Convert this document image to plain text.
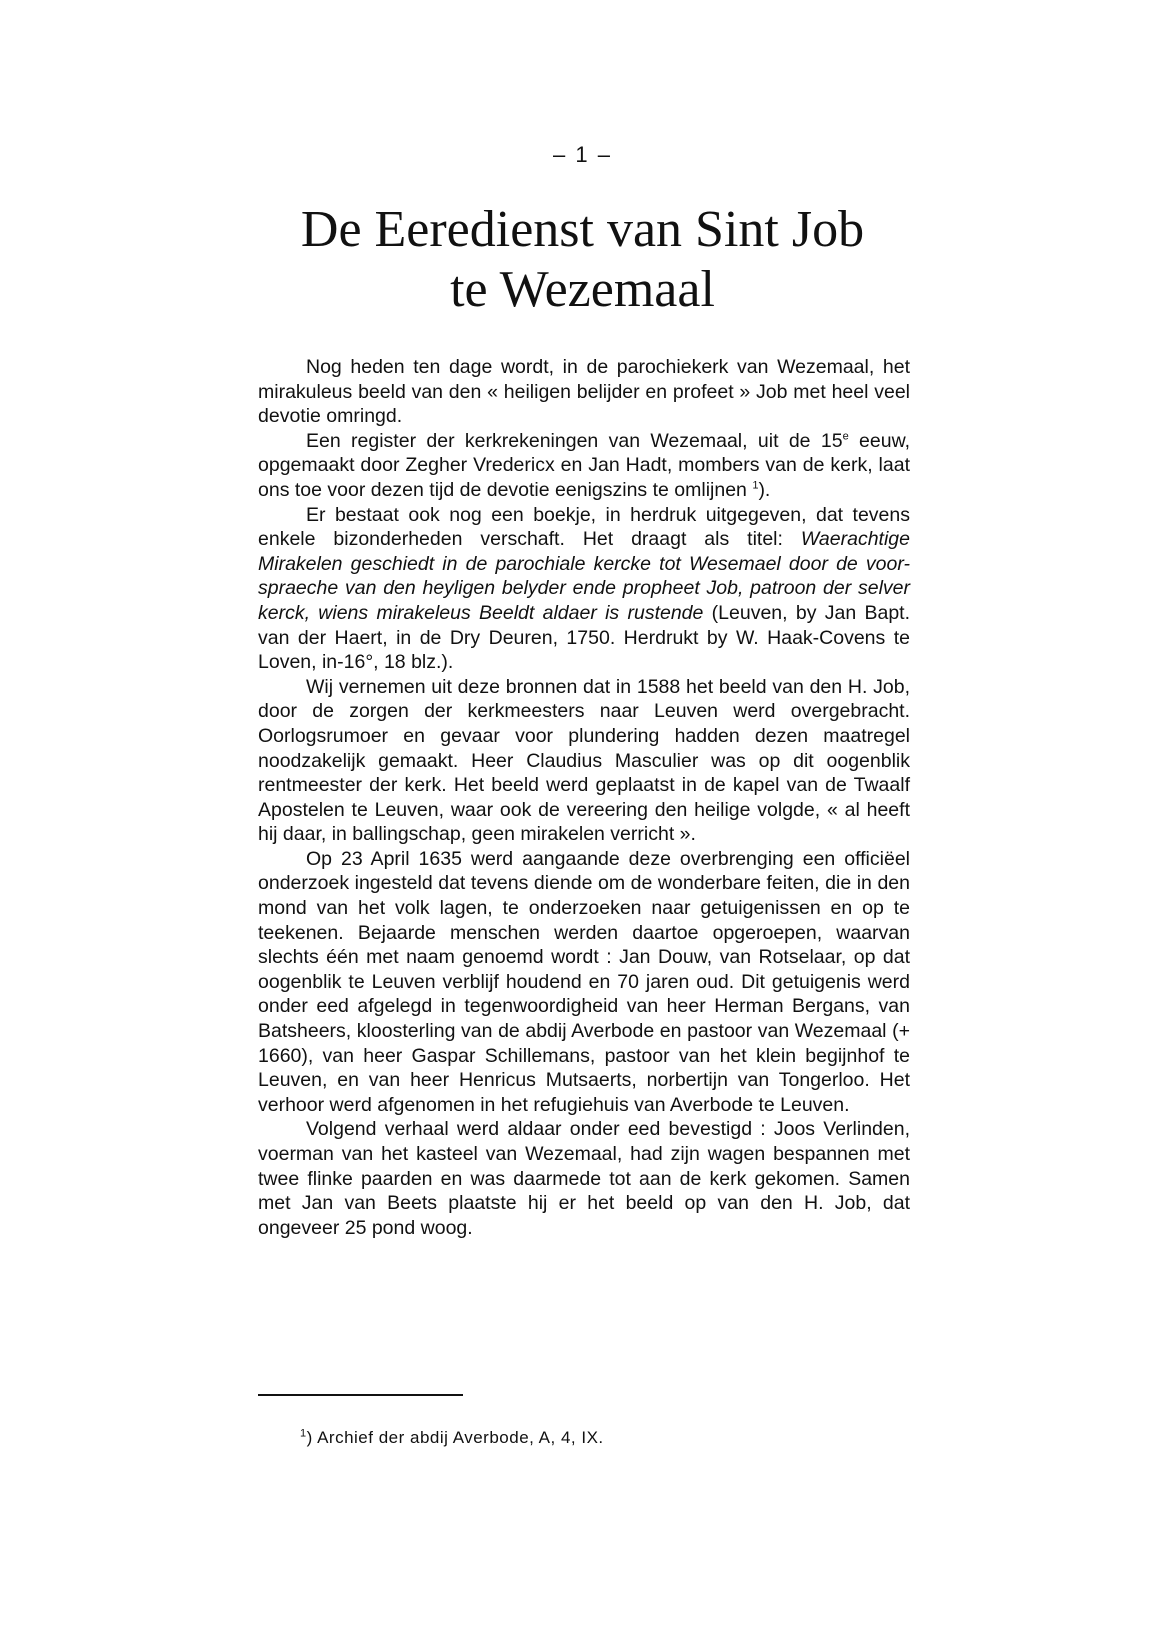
– 1 –
De Eeredienst van Sint Job
te Wezemaal

Nog heden ten dage wordt, in de parochiekerk van Wezemaal, het mirakuleus beeld van den « heiligen belijder en profeet » Job met heel veel devotie omringd.

Een register der kerkrekeningen van Wezemaal, uit de 15e eeuw, opgemaakt door Zegher Vredericx en Jan Hadt, mombers van de kerk, laat ons toe voor dezen tijd de devotie eenigszins te omlijnen $^1$).

Er bestaat ook nog een boekje, in herdruk uitgegeven, dat tevens enkele bizonderheden verschaft. Het draagt als titel: Waerachtige Mirakelen geschiedt in de parochiale kercke tot Wesemael door de voor-spraeche van den heyligen belyder ende propheet Job, patroon der selver kerck, wiens mirakeleus Beeldt aldaer is rustende (Leuven, by Jan Bapt. van der Haert, in de Dry Deuren, 1750. Herdrukt by W. Haak-Covens te Loven, in-16°, 18 blz.).

Wij vernemen uit deze bronnen dat in 1588 het beeld van den H. Job, door de zorgen der kerkmeesters naar Leuven werd overgebracht. Oorlogsrumoer en gevaar voor plundering hadden dezen maatregel noodzakelijk gemaakt. Heer Claudius Masculier was op dit oogenblik rentmeester der kerk. Het beeld werd geplaatst in de kapel van de Twaalf Apostelen te Leuven, waar ook de vereering den heilige volgde, « al heeft hij daar, in ballingschap, geen mirakelen verricht ».

Op 23 April 1635 werd aangaande deze overbrenging een officiëel onderzoek ingesteld dat tevens diende om de wonderbare feiten, die in den mond van het volk lagen, te onderzoeken naar getuigenissen en op te teekenen. Bejaarde menschen werden daartoe opgeroepen, waarvan slechts één met naam genoemd wordt : Jan Douw, van Rotselaar, op dat oogenblik te Leuven verblijf houdend en 70 jaren oud. Dit getuigenis werd onder eed afgelegd in tegenwoordigheid van heer Herman Bergans, van Batsheers, kloosterling van de abdij Averbode en pastoor van Wezemaal (+ 1660), van heer Gaspar Schillemans, pastoor van het klein begijnhof te Leuven, en van heer Henricus Mutsaerts, norbertijn van Tongerloo. Het verhoor werd afgenomen in het refugiehuis van Averbode te Leuven.

Volgend verhaal werd aldaar onder eed bevestigd : Joos Verlinden, voerman van het kasteel van Wezemaal, had zijn wagen bespannen met twee flinke paarden en was daarmede tot aan de kerk gekomen. Samen met Jan van Beets plaatste hij er het beeld op van den H. Job, dat ongeveer 25 pond woog.

$^1$) Archief der abdij Averbode, A, 4, IX.
